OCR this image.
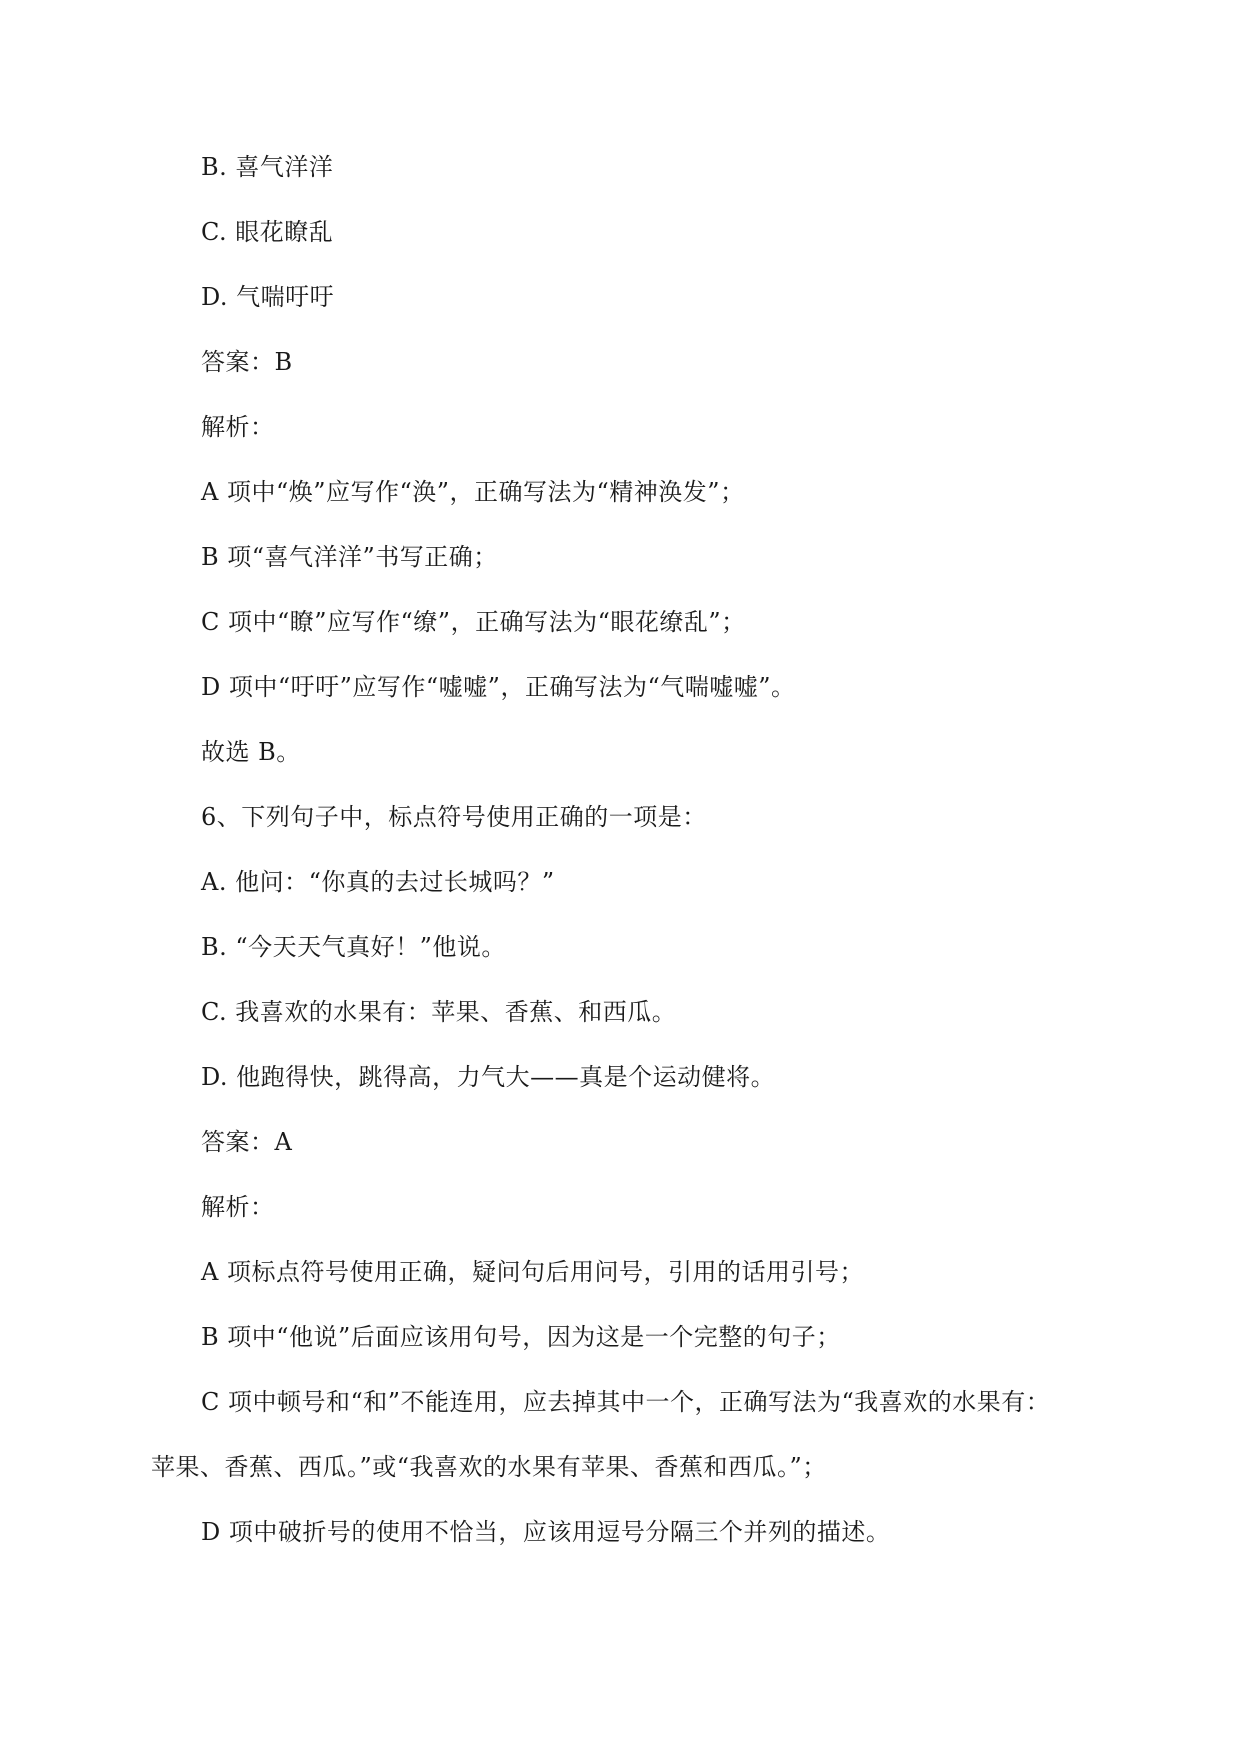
B. 喜气洋洋
C. 眼花瞭乱
D. 气喘吁吁
答案：B
解析：
A 项中“焕”应写作“涣”，正确写法为“精神涣发”；
B 项“喜气洋洋”书写正确；
C 项中“瞭”应写作“缭”，正确写法为“眼花缭乱”；
D 项中“吁吁”应写作“嘘嘘”，正确写法为“气喘嘘嘘”。
故选 B。
6、下列句子中，标点符号使用正确的一项是：
A. 他问：“你真的去过长城吗？”
B. “今天天气真好！”他说。
C. 我喜欢的水果有：苹果、香蕉、和西瓜。
D. 他跑得快，跳得高，力气大——真是个运动健将。
答案：A
解析：
A 项标点符号使用正确，疑问句后用问号，引用的话用引号；
B 项中“他说”后面应该用句号，因为这是一个完整的句子；
C 项中顿号和“和”不能连用，应去掉其中一个，正确写法为“我喜欢的水果有：
苹果、香蕉、西瓜。”或“我喜欢的水果有苹果、香蕉和西瓜。”；
D 项中破折号的使用不恰当，应该用逗号分隔三个并列的描述。
